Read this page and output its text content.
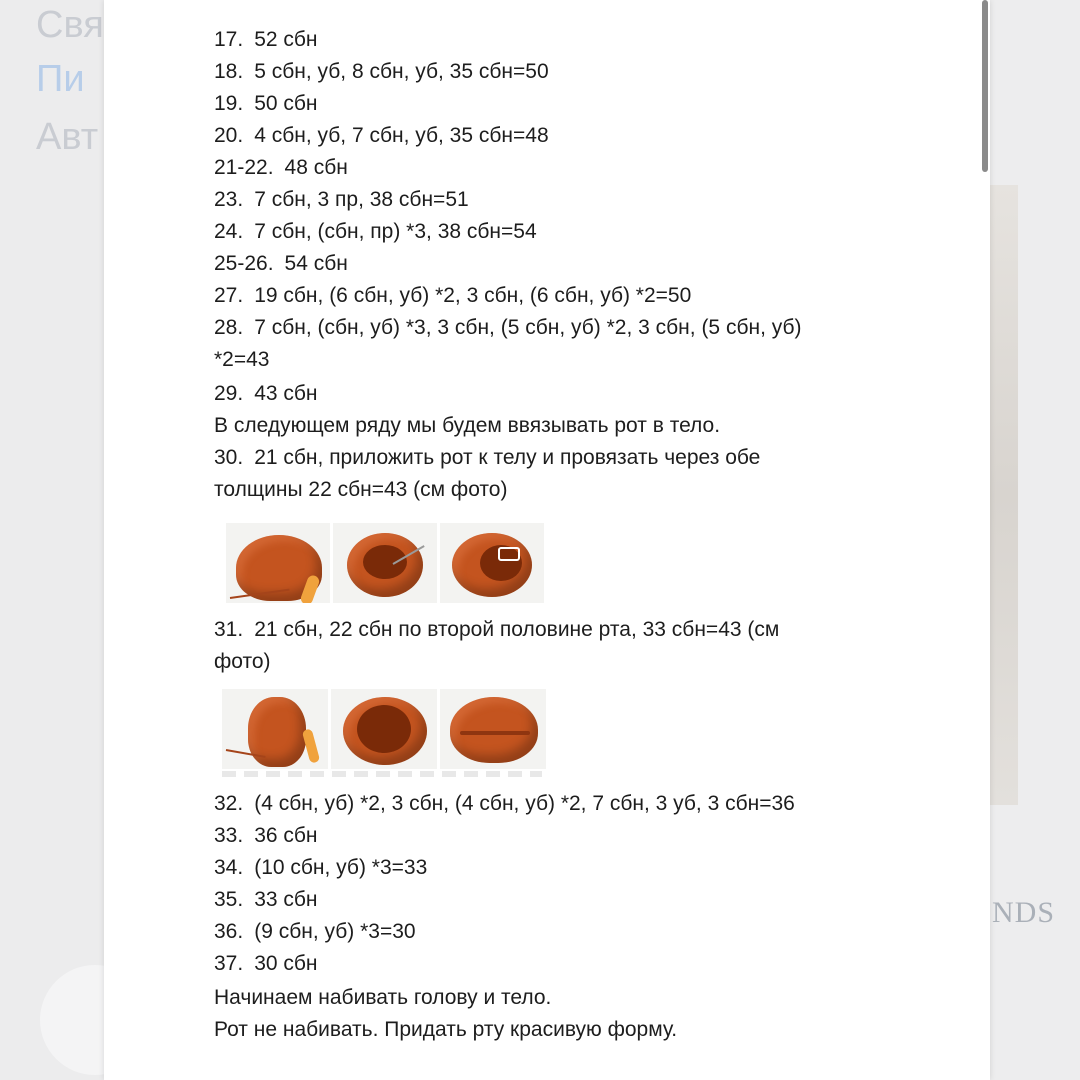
Свя
Пи
Авт
NDS
17. 52 сбн
18. 5 сбн, уб, 8 сбн, уб, 35 сбн=50
19. 50 сбн
20. 4 сбн, уб, 7 сбн, уб, 35 сбн=48
21-22. 48 сбн
23. 7 сбн, 3 пр, 38 сбн=51
24. 7 сбн, (сбн, пр) *3, 38 сбн=54
25-26. 54 сбн
27. 19 сбн, (6 сбн, уб) *2, 3 сбн, (6 сбн, уб) *2=50
28. 7 сбн, (сбн, уб) *3, 3 сбн, (5 сбн, уб) *2, 3 сбн, (5 сбн, уб)
*2=43
29. 43 сбн
В следующем ряду мы будем ввязывать рот в тело.
30. 21 сбн, приложить рот к телу и провязать через обе
толщины 22 сбн=43 (см фото)
31. 21 сбн, 22 сбн по второй половине рта, 33 сбн=43 (см
фото)
32. (4 сбн, уб) *2, 3 сбн, (4 сбн, уб) *2, 7 сбн, 3 уб, 3 сбн=36
33. 36 сбн
34. (10 сбн, уб) *3=33
35. 33 сбн
36. (9 сбн, уб) *3=30
37. 30 сбн
Начинаем набивать голову и тело.
Рот не набивать. Придать рту красивую форму.
